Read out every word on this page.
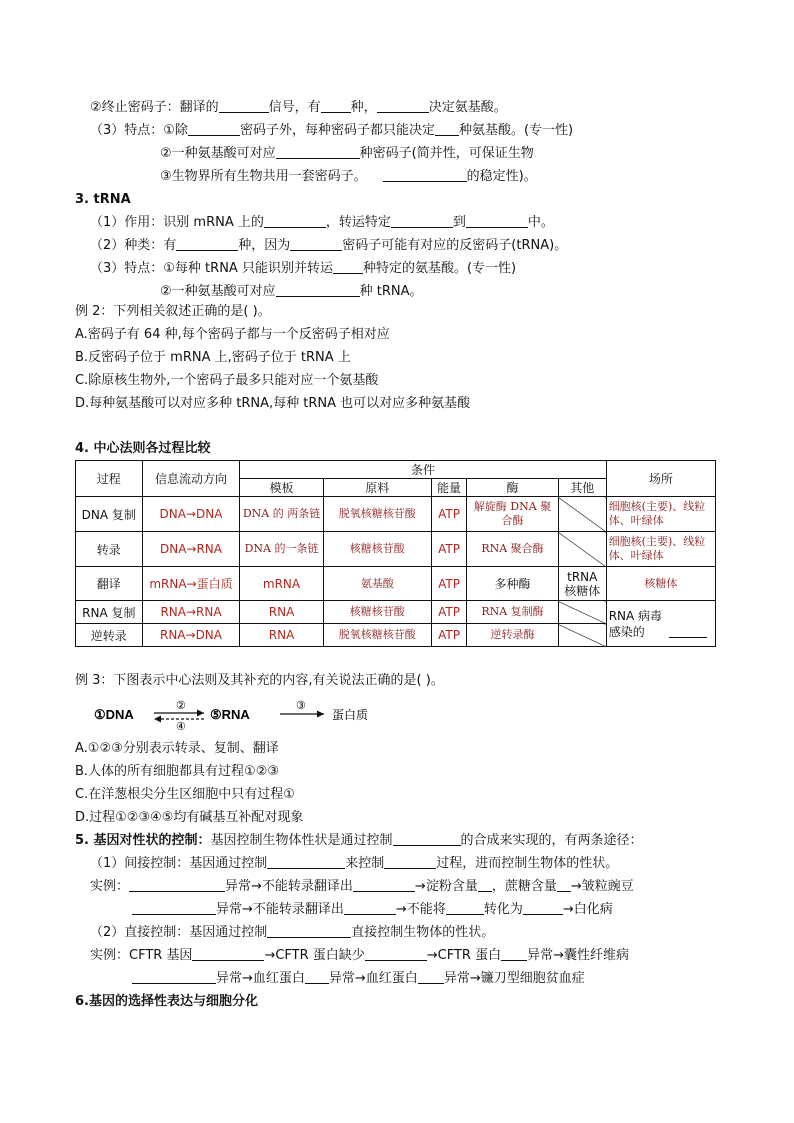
②终止密码子：翻译的	信号，有 种，	决定氨基酸。
（3）特点：①除	密码子外，每种密码子都只能决定 种氨基酸。(专一性)
②一种氨基酸可对应	种密码子(简并性，可保证生物
③生物界所有生物共用一套密码子。	的稳定性)。
3. tRNA
（1）作用：识别 mRNA 上的	，转运特定	到	中。
（2）种类：有	种，因为	密码子可能有对应的反密码子(tRNA)。
（3）特点：①每种 tRNA 只能识别并转运 种特定的氨基酸。(专一性)
②一种氨基酸可对应	种 tRNA。
例 2：下列相关叙述正确的是( )。
A.密码子有 64 种,每个密码子都与一个反密码子相对应
B.反密码子位于 mRNA 上,密码子位于 tRNA 上
C.除原核生物外,一个密码子最多只能对应一个氨基酸
D.每种氨基酸可以对应多种 tRNA,每种 tRNA 也可以对应多种氨基酸
4. 中心法则各过程比较
过程	信息流动方向	条件					场所
		模板	原料	能量	酶	其他	
DNA 复制	DNA→DNA	DNA 的 两条链	脱氧核糖核苷酸	ATP	解旋酶 DNA 聚合酶		细胞核(主要)、线粒体、叶绿体
转录	DNA→RNA	DNA 的一条链	核糖核苷酸	ATP	RNA 聚合酶		细胞核(主要)、线粒体、叶绿体
翻译	mRNA→蛋白质	mRNA	氨基酸	ATP	多种酶	tRNA 核糖体	核糖体
RNA 复制	RNA→RNA	RNA	核糖核苷酸	ATP	RNA 复制酶		RNA 病毒感染的
逆转录	RNA→DNA	RNA	脱氧核糖核苷酸	ATP	逆转录酶		
例 3：下图表示中心法则及其补充的内容,有关说法正确的是( )。
①DNA
②
④
⑤RNA
③
蛋白质
A.①②③分别表示转录、复制、翻译
B.人体的所有细胞都具有过程①②③
C.在洋葱根尖分生区细胞中只有过程①
D.过程①②③④⑤均有碱基互补配对现象
5. 基因对性状的控制：基因控制生物体性状是通过控制	的合成来实现的，有两条途径：
（1）间接控制：基因通过控制	来控制	过程，进而控制生物体的性状。
实例：	异常→不能转录翻译出	→淀粉含量 ，蔗糖含量 →皱粒豌豆
异常→不能转录翻译出	→不能将	转化为	→白化病
（2）直接控制：基因通过控制	直接控制生物体的性状。
实例：CFTR 基因	→CFTR 蛋白缺少	→CFTR 蛋白 异常→囊性纤维病
异常→血红蛋白 异常→血红蛋白 异常→镰刀型细胞贫血症
6.基因的选择性表达与细胞分化
